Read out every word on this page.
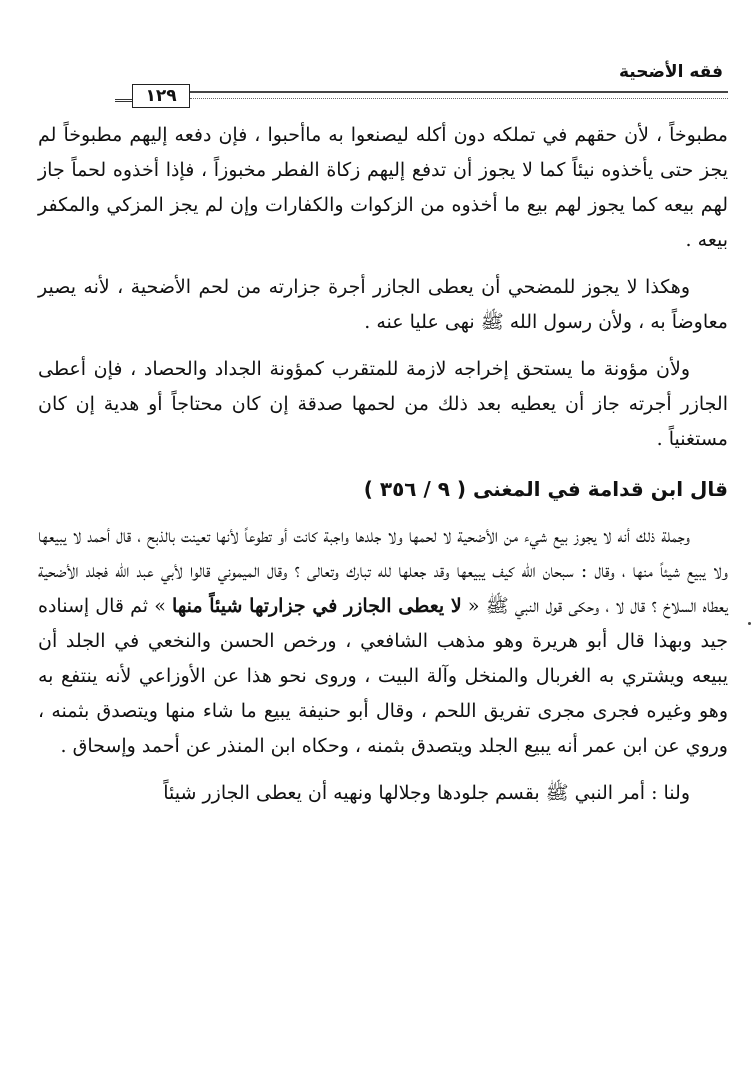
فقه الأضحية
١٢٩

مطبوخاً ، لأن حقهم في تملكه دون أكله ليصنعوا به ماأحبوا ، فإن دفعه إليهم مطبوخاً لم يجز حتى يأخذوه نيئاً كما لا يجوز أن تدفع إليهم زكاة الفطر مخبوزاً ، فإذا أخذوه لحماً جاز لهم بيعه كما يجوز لهم بيع ما أخذوه من الزكوات والكفارات وإن لم يجز المزكي والمكفر بيعه .

وهكذا لا يجوز للمضحي أن يعطى الجازر أجرة جزارته من لحم الأضحية ، لأنه يصير معاوضاً به ، ولأن رسول الله ﷺ نهى عليا عنه .

ولأن مؤونة ما يستحق إخراجه لازمة للمتقرب كمؤونة الجداد والحصاد ، فإن أعطى الجازر أجرته جاز أن يعطيه بعد ذلك من لحمها صدقة إن كان محتاجاً أو هدية إن كان مستغنياً .

قال ابن قدامة في المغنى ( ٩ / ٣٥٦ )

وجملة ذلك أنه لا يجوز بيع شيء من الأضحية لا لحمها ولا جلدها واجبة كانت أو تطوعاً لأنها تعينت بالذبح ، قال أحمد لا يبيعها ولا يبيع شيئاً منها ، وقال : سبحان الله كيف يبيعها وقد جعلها لله تبارك وتعالى ؟ وقال الميموني قالوا لأبي عبد الله فجلد الأضحية يعطاه السلاخ ؟ قال لا ، وحكى قول النبي ﷺ « لا يعطى الجازر في جزارتها شيئاً منها » ثم قال إسناده جيد وبهذا قال أبو هريرة وهو مذهب الشافعي ، ورخص الحسن والنخعي في الجلد أن يبيعه ويشتري به الغربال والمنخل وآلة البيت ، وروى نحو هذا عن الأوزاعي لأنه ينتفع به وهو وغيره فجرى مجرى تفريق اللحم ، وقال أبو حنيفة يبيع ما شاء منها ويتصدق بثمنه ، وروي عن ابن عمر أنه يبيع الجلد ويتصدق بثمنه ، وحكاه ابن المنذر عن أحمد وإسحاق .

ولنا : أمر النبي ﷺ بقسم جلودها وجلالها ونهيه أن يعطى الجازر شيئاً
